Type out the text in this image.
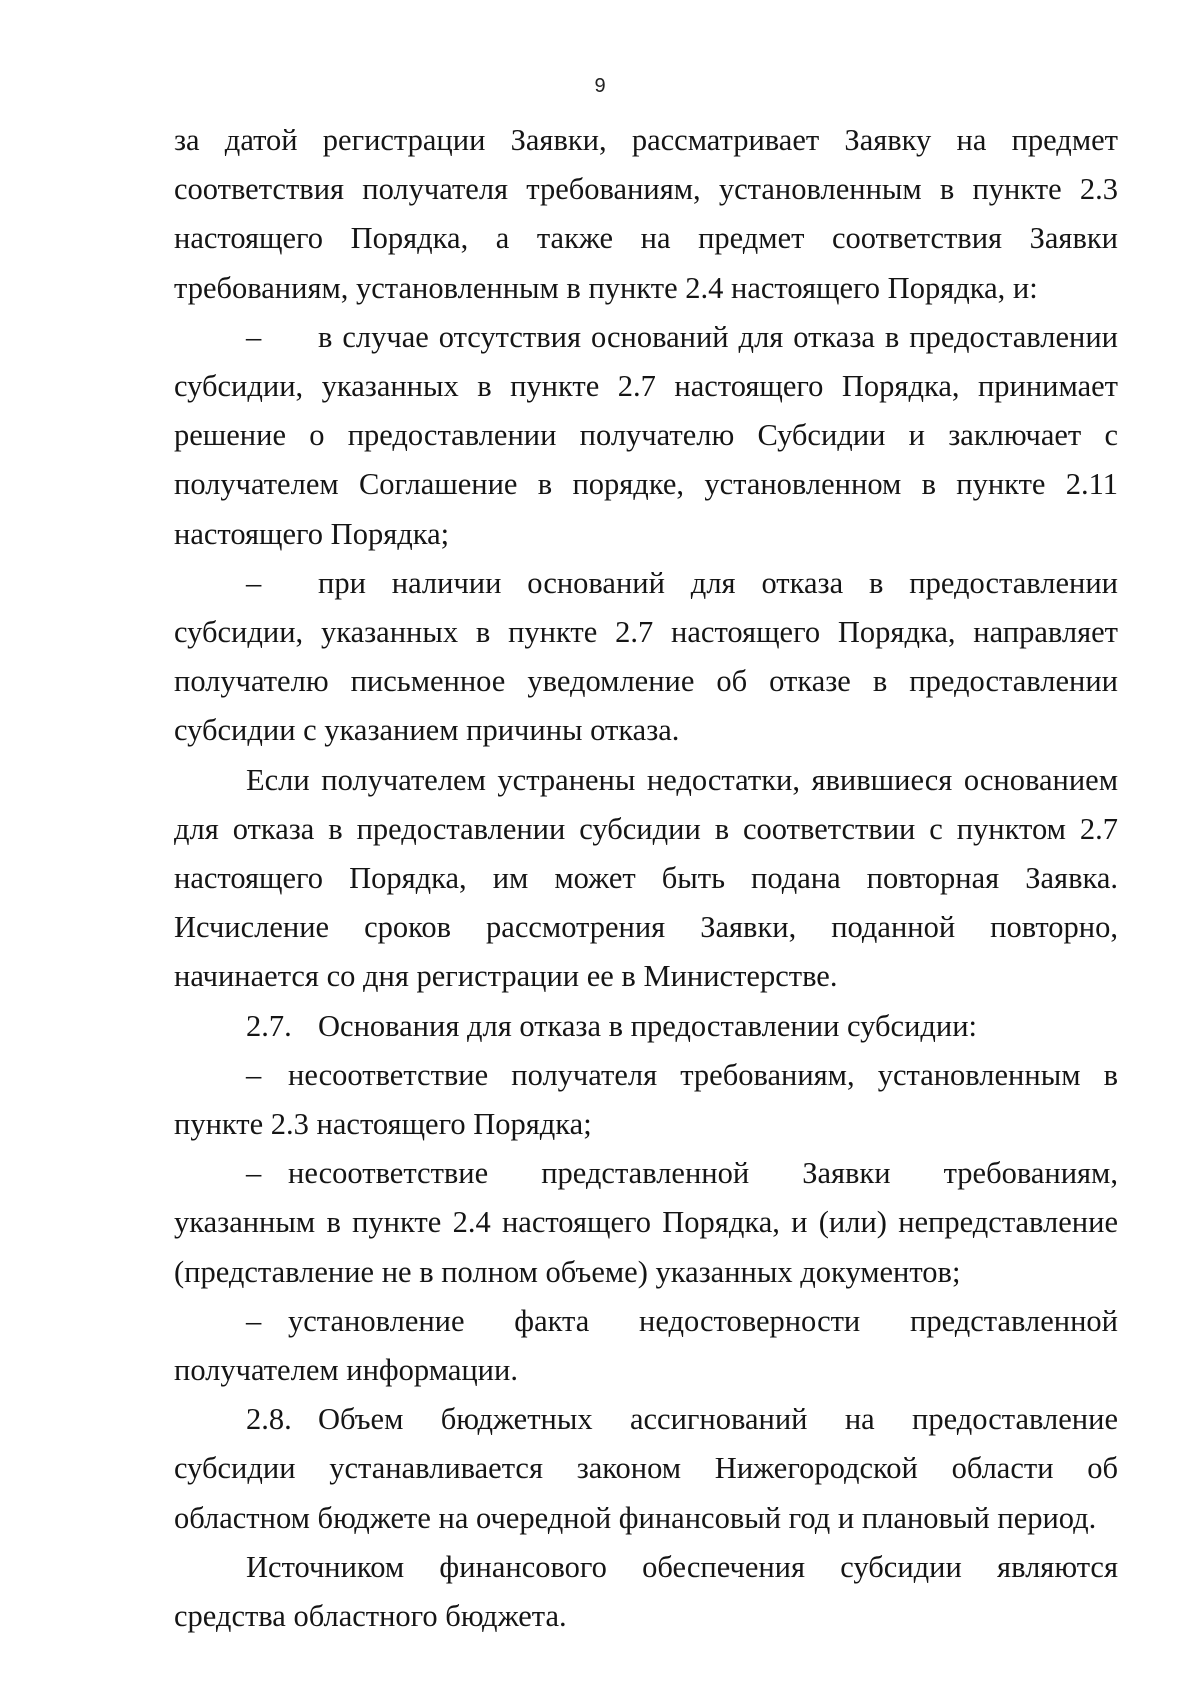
9

за датой регистрации Заявки, рассматривает Заявку на предмет соответствия получателя требованиям, установленным в пункте 2.3 настоящего Порядка, а также на предмет соответствия Заявки требованиям, установленным в пункте 2.4 настоящего Порядка, и:

– в случае отсутствия оснований для отказа в предоставлении субсидии, указанных в пункте 2.7 настоящего Порядка, принимает решение о предоставлении получателю Субсидии и заключает с получателем Соглашение в порядке, установленном в пункте 2.11 настоящего Порядка;

– при наличии оснований для отказа в предоставлении субсидии, указанных в пункте 2.7 настоящего Порядка, направляет получателю письменное уведомление об отказе в предоставлении субсидии с указанием причины отказа.

Если получателем устранены недостатки, явившиеся основанием для отказа в предоставлении субсидии в соответствии с пунктом 2.7 настоящего Порядка, им может быть подана повторная Заявка. Исчисление сроков рассмотрения Заявки, поданной повторно, начинается со дня регистрации ее в Министерстве.

2.7. Основания для отказа в предоставлении субсидии:

– несоответствие получателя требованиям, установленным в пункте 2.3 настоящего Порядка;

– несоответствие представленной Заявки требованиям, указанным в пункте 2.4 настоящего Порядка, и (или) непредставление (представление не в полном объеме) указанных документов;

– установление факта недостоверности представленной получателем информации.

2.8. Объем бюджетных ассигнований на предоставление субсидии устанавливается законом Нижегородской области об областном бюджете на очередной финансовый год и плановый период.

Источником финансового обеспечения субсидии являются средства областного бюджета.
